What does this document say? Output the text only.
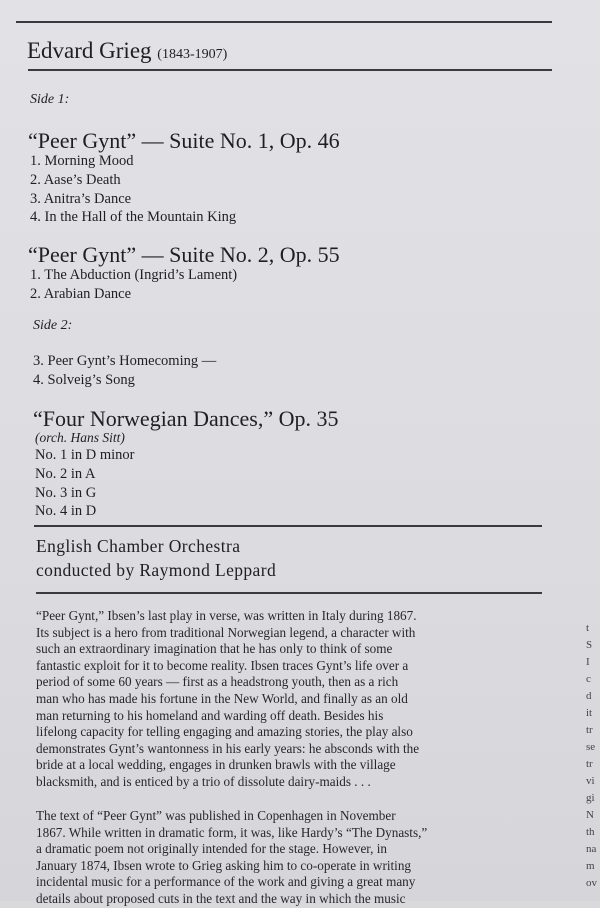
Edvard Grieg (1843-1907)
Side 1:
“Peer Gynt” — Suite No. 1, Op. 46
1. Morning Mood
2. Aase’s Death
3. Anitra’s Dance
4. In the Hall of the Mountain King
“Peer Gynt” — Suite No. 2, Op. 55
1. The Abduction (Ingrid’s Lament)
2. Arabian Dance
Side 2:
3. Peer Gynt’s Homecoming —
4. Solveig’s Song
“Four Norwegian Dances,” Op. 35
(orch. Hans Sitt)
No. 1 in D minor
No. 2 in A
No. 3 in G
No. 4 in D
English Chamber Orchestra
conducted by Raymond Leppard
“Peer Gynt,” Ibsen’s last play in verse, was written in Italy during 1867.
Its subject is a hero from traditional Norwegian legend, a character with
such an extraordinary imagination that he has only to think of some
fantastic exploit for it to become reality. Ibsen traces Gynt’s life over a
period of some 60 years — first as a headstrong youth, then as a rich
man who has made his fortune in the New World, and finally as an old
man returning to his homeland and warding off death. Besides his
lifelong capacity for telling engaging and amazing stories, the play also
demonstrates Gynt’s wantonness in his early years: he absconds with the
bride at a local wedding, engages in drunken brawls with the village
blacksmith, and is enticed by a trio of dissolute dairy-maids . . .
The text of “Peer Gynt” was published in Copenhagen in November
1867. While written in dramatic form, it was, like Hardy’s “The Dynasts,”
a dramatic poem not originally intended for the stage. However, in
January 1874, Ibsen wrote to Grieg asking him to co-operate in writing
incidental music for a performance of the work and giving a great many
details about proposed cuts in the text and the way in which the music
t
S
I
c
d
it
tr
se
tr
vi
gi
N
th
na
m
ov
